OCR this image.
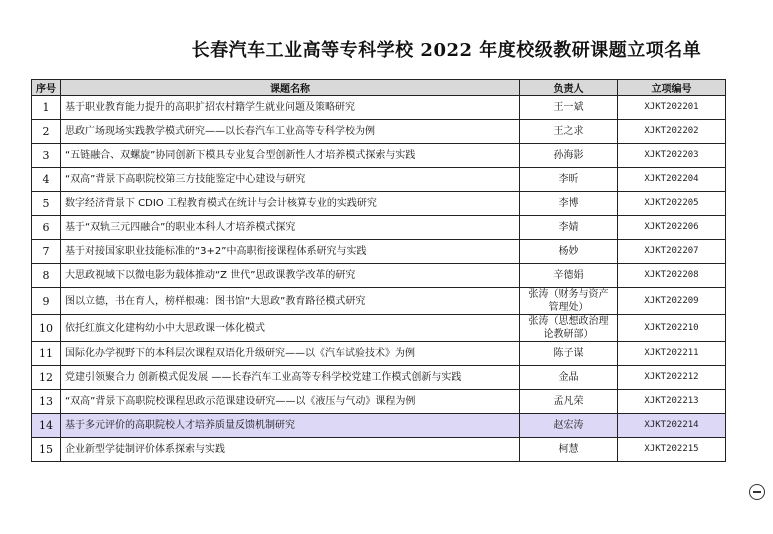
长春汽车工业高等专科学校 2022 年度校级教研课题立项名单
序号	课题名称	负责人	立项编号
1	基于职业教育能力提升的高职扩招农村籍学生就业问题及策略研究	王一斌	XJKT202201
2	思政广场现场实践教学模式研究——以长春汽车工业高等专科学校为例	王之求	XJKT202202
3	“五链融合、双螺旋”协同创新下模具专业复合型创新性人才培养模式探索与实践	孙海影	XJKT202203
4	“双高”背景下高职院校第三方技能鉴定中心建设与研究	李昕	XJKT202204
5	数字经济背景下 CDIO 工程教育模式在统计与会计核算专业的实践研究	李博	XJKT202205
6	基于“双轨三元四融合”的职业本科人才培养模式探究	李婧	XJKT202206
7	基于对接国家职业技能标准的“3+2”中高职衔接课程体系研究与实践	杨妙	XJKT202207
8	大思政视域下以微电影为载体推动“Z 世代”思政课教学改革的研究	辛德娟	XJKT202208
9	图以立德，书在育人，榜样根魂：图书馆“大思政”教育路径模式研究	张涛（财务与资产管理处）	XJKT202209
10	依托红旗文化建构幼小中大思政课一体化模式	张涛（思想政治理论教研部）	XJKT202210
11	国际化办学视野下的本科层次课程双语化升级研究——以《汽车试验技术》为例	陈子谋	XJKT202211
12	党建引领聚合力 创新模式促发展 ——长春汽车工业高等专科学校党建工作模式创新与实践	金晶	XJKT202212
13	“双高”背景下高职院校课程思政示范课建设研究——以《液压与气动》课程为例	孟凡荣	XJKT202213
14	基于多元评价的高职院校人才培养质量反馈机制研究	赵宏涛	XJKT202214
15	企业新型学徒制评价体系探索与实践	柯慧	XJKT202215
